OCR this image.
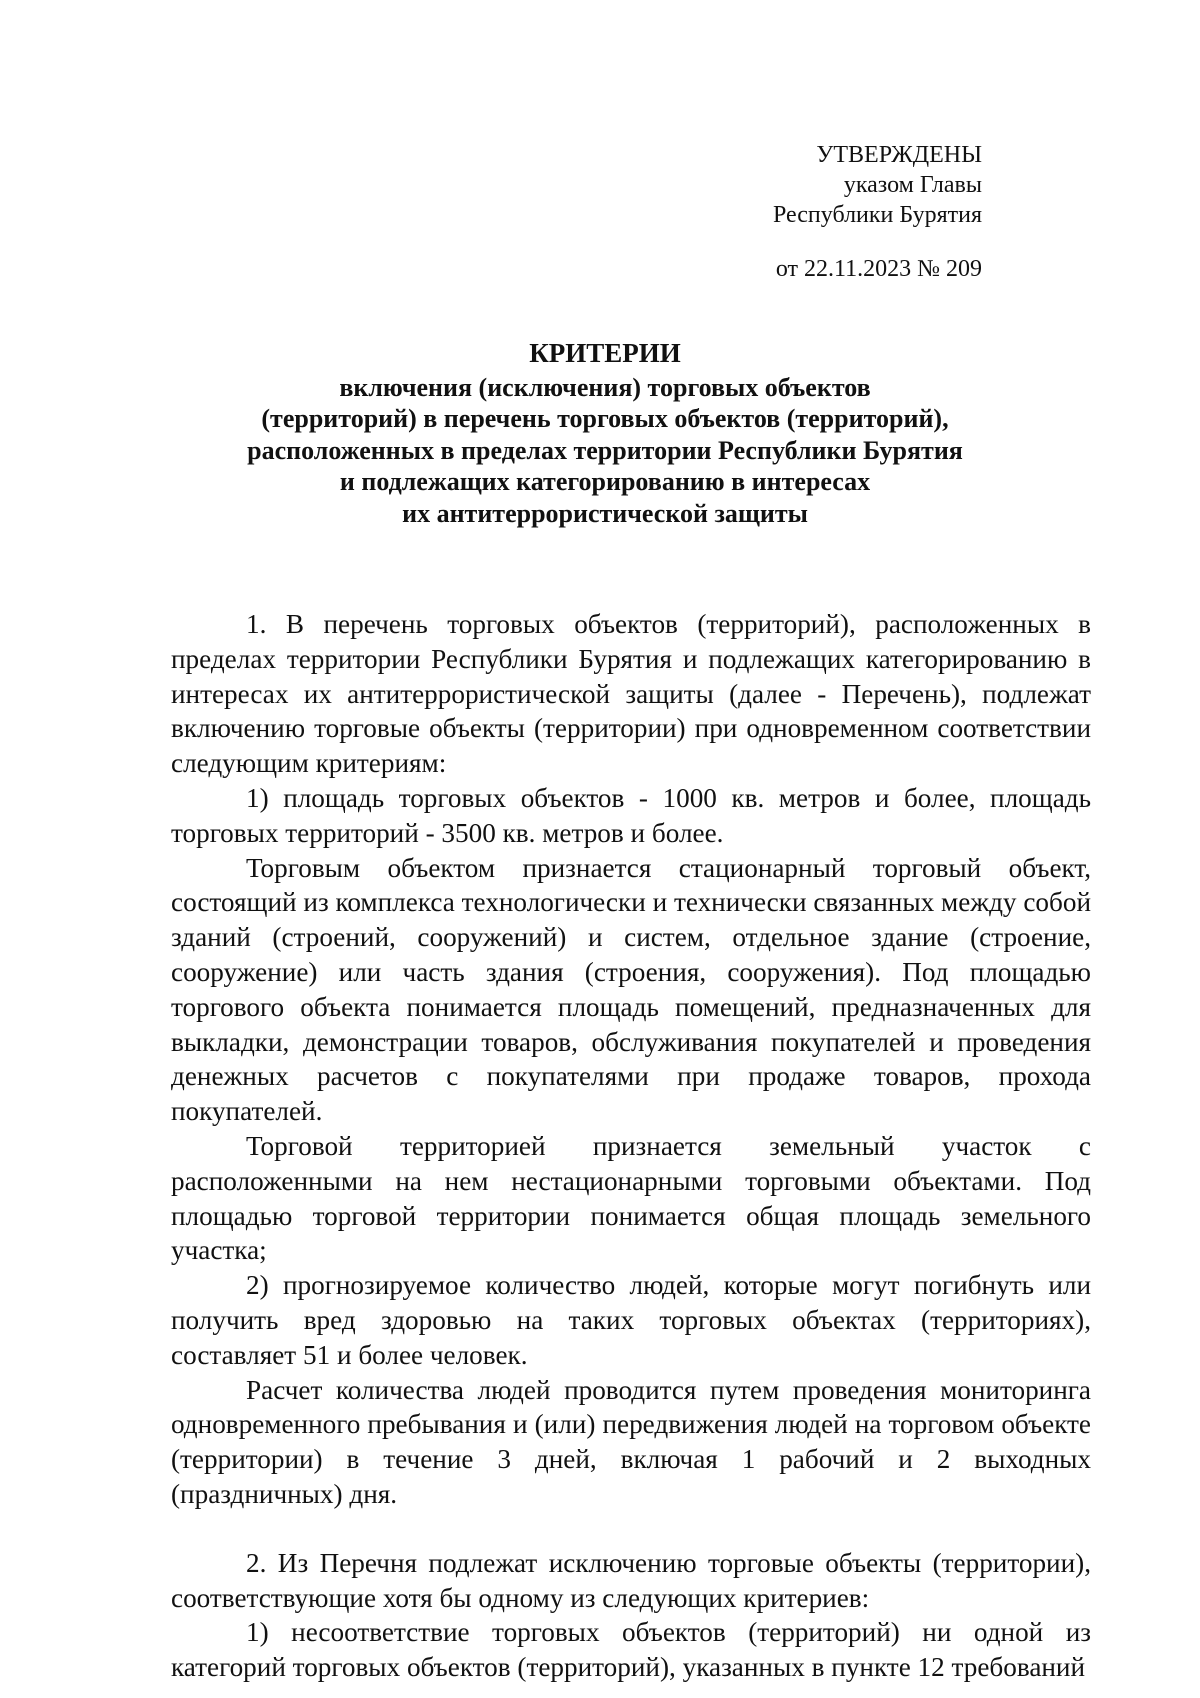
УТВЕРЖДЕНЫ
указом Главы
Республики Бурятия
от 22.11.2023 № 209
КРИТЕРИИ
включения (исключения) торговых объектов
(территорий) в перечень торговых объектов (территорий),
расположенных в пределах территории Республики Бурятия
и подлежащих категорированию в интересах
их антитеррористической защиты

1. В перечень торговых объектов (территорий), расположенных в пределах территории Республики Бурятия и подлежащих категорированию в интересах их антитеррористической защиты (далее - Перечень), подлежат включению торговые объекты (территории) при одновременном соответствии следующим критериям:

1) площадь торговых объектов - 1000 кв. метров и более, площадь торговых территорий - 3500 кв. метров и более.

Торговым объектом признается стационарный торговый объект, состоящий из комплекса технологически и технически связанных между собой зданий (строений, сооружений) и систем, отдельное здание (строение, сооружение) или часть здания (строения, сооружения). Под площадью торгового объекта понимается площадь помещений, предназначенных для выкладки, демонстрации товаров, обслуживания покупателей и проведения денежных расчетов с покупателями при продаже товаров, прохода покупателей.

Торговой территорией признается земельный участок с расположенными на нем нестационарными торговыми объектами. Под площадью торговой территории понимается общая площадь земельного участка;

2) прогнозируемое количество людей, которые могут погибнуть или получить вред здоровью на таких торговых объектах (территориях), составляет 51 и более человек.

Расчет количества людей проводится путем проведения мониторинга одновременного пребывания и (или) передвижения людей на торговом объекте (территории) в течение 3 дней, включая 1 рабочий и 2 выходных (праздничных) дня.

2. Из Перечня подлежат исключению торговые объекты (территории), соответствующие хотя бы одному из следующих критериев:

1) несоответствие торговых объектов (территорий) ни одной из категорий торговых объектов (территорий), указанных в пункте 12 требований
